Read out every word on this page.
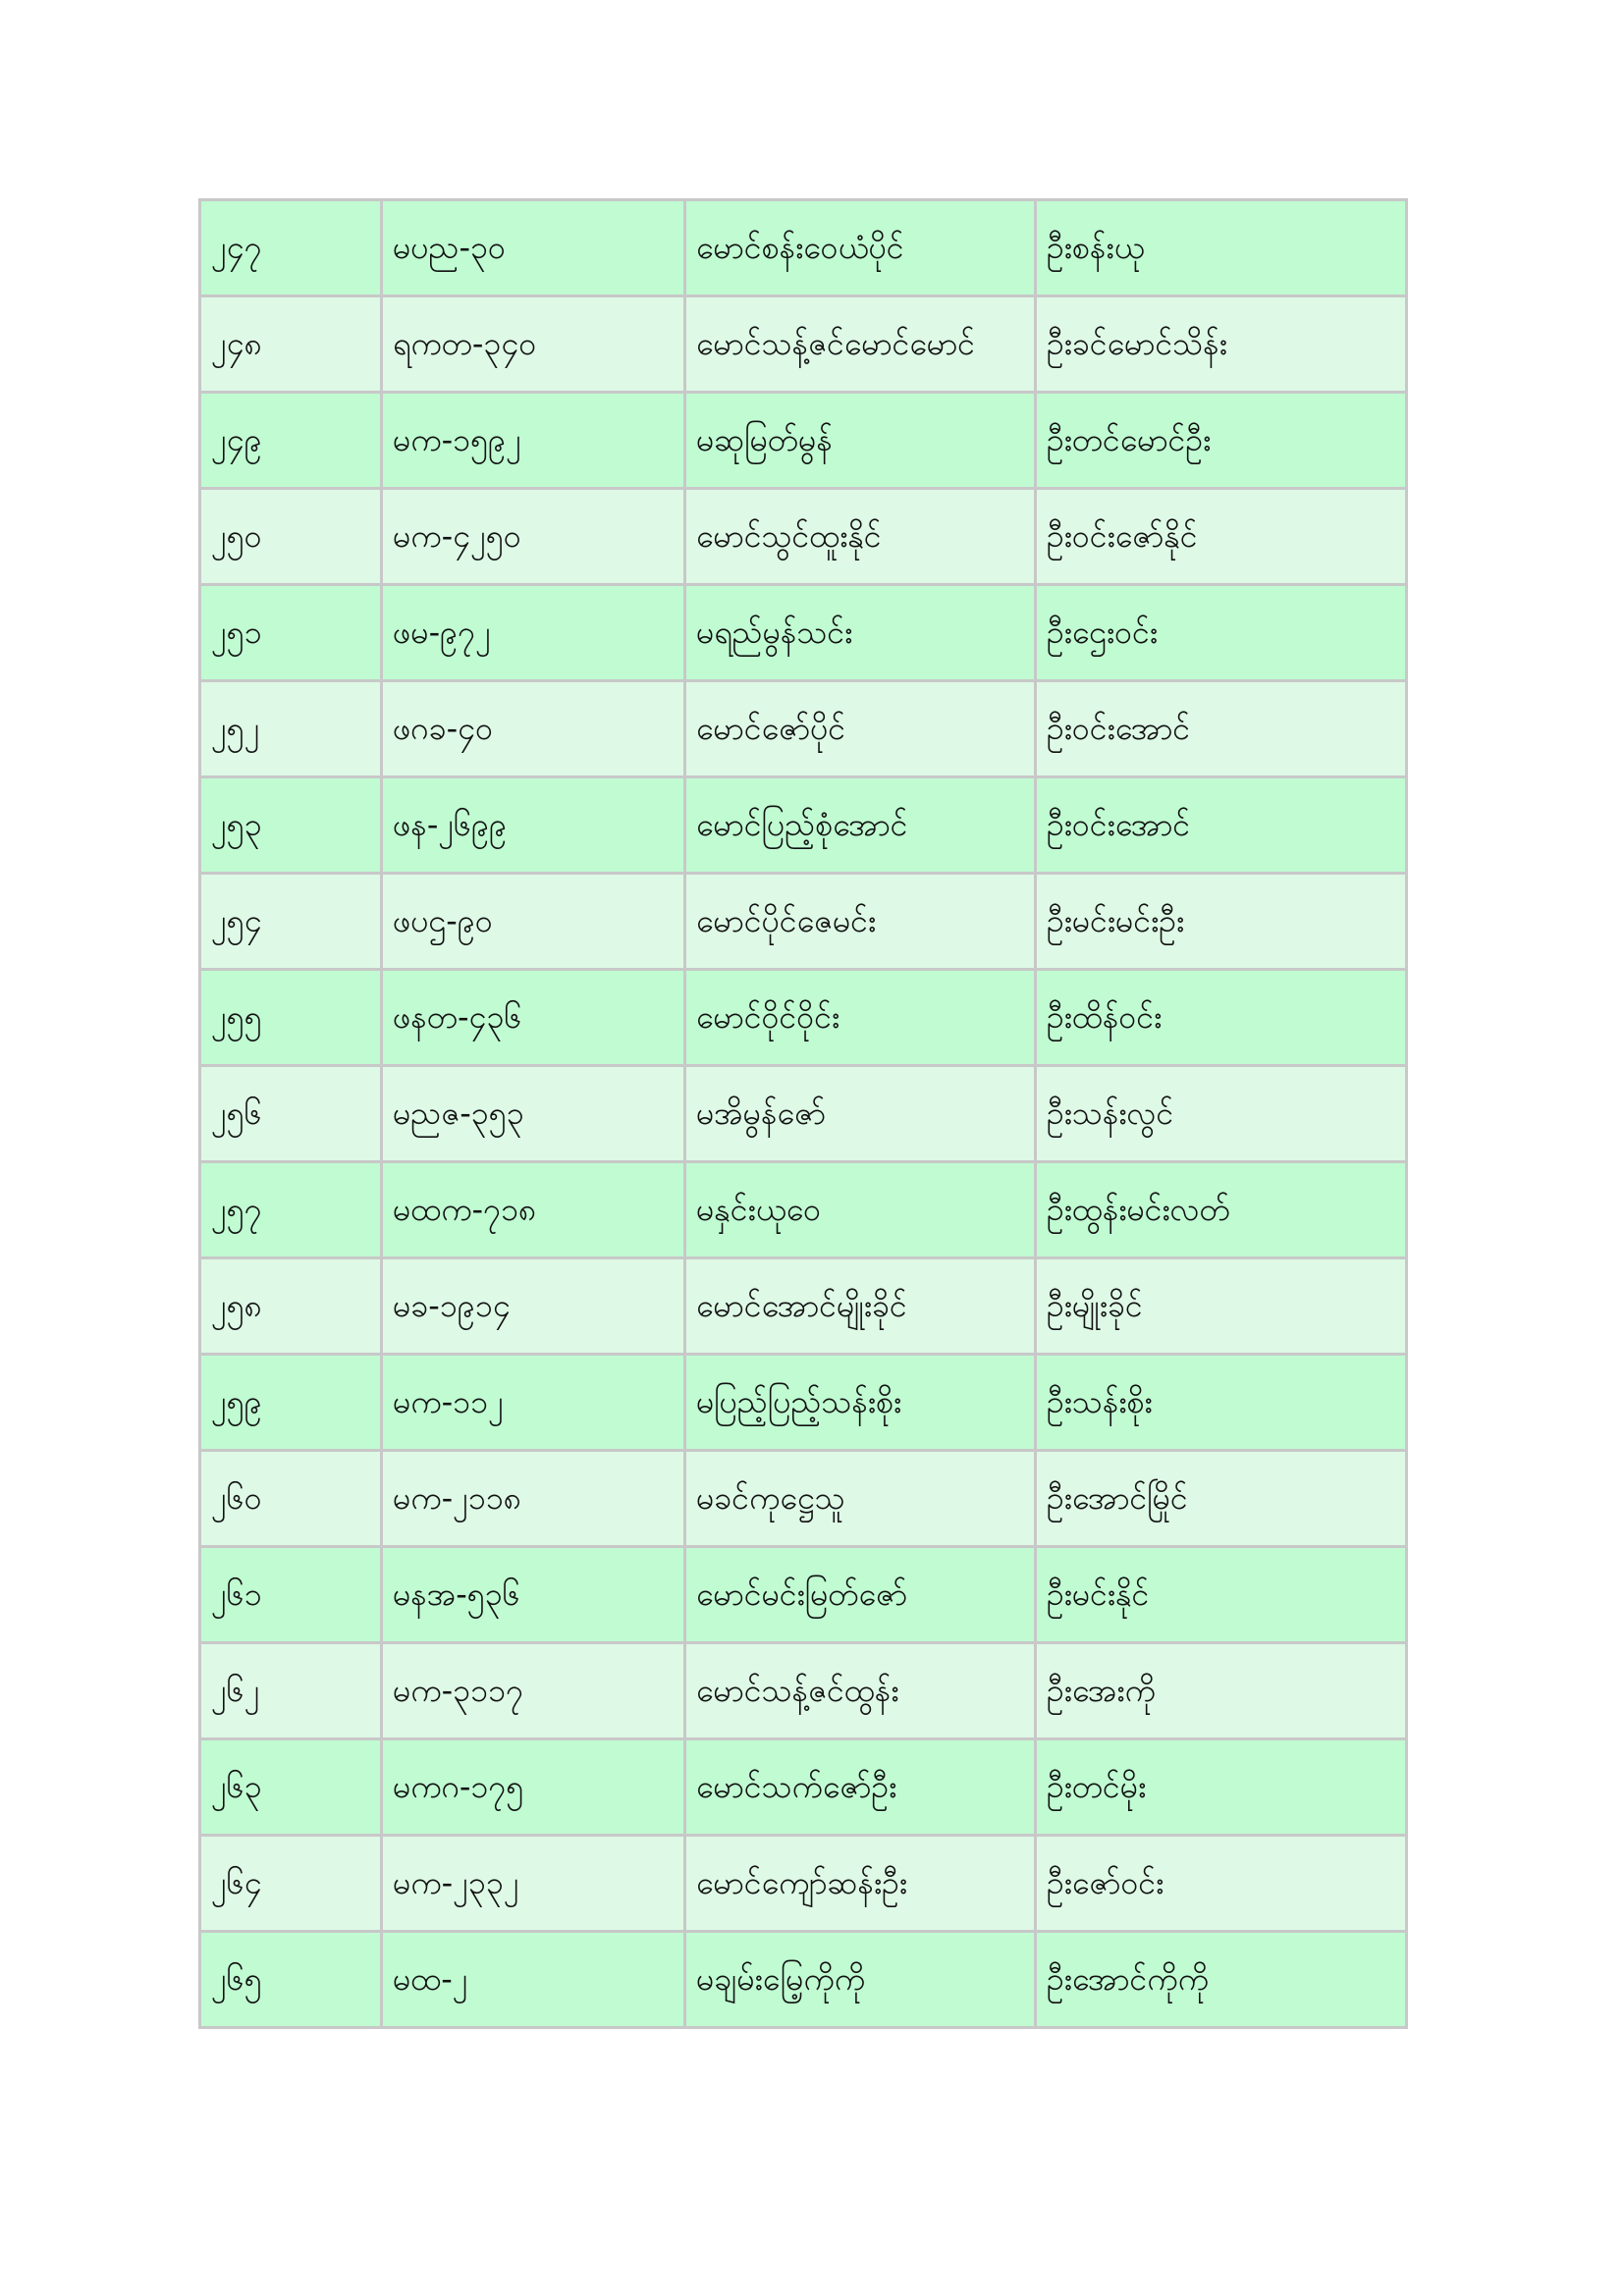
၂၄၇	မပည-၃၀	မောင်စန်းဝေယံပိုင်	ဦးစန်းယု
၂၄၈	ရကတ-၃၄၀	မောင်သန့်ဇင်မောင်မောင်	ဦးခင်မောင်သိန်း
၂၄၉	မက-၁၅၉၂	မဆုမြတ်မွန်	ဦးတင်မောင်ဦး
၂၅၀	မက-၄၂၅၀	မောင်သွင်ထူးနိုင်	ဦးဝင်းဇော်နိုင်
၂၅၁	ဖမ-၉၇၂	မရည်မွန်သင်း	ဦးဌေးဝင်း
၂၅၂	ဖဂခ-၄၀	မောင်ဇော်ပိုင်	ဦးဝင်းအောင်
၂၅၃	ဖန-၂၆၉၉	မောင်ပြည့်စုံအောင်	ဦးဝင်းအောင်
၂၅၄	ဖပဌ-၉၀	မောင်ပိုင်ဇေမင်း	ဦးမင်းမင်းဦး
၂၅၅	ဖနတ-၄၃၆	မောင်ဝိုင်ဝိုင်း	ဦးထိန်ဝင်း
၂၅၆	မညဇ-၃၅၃	မအိမွန်ဇော်	ဦးသန်းလွင်
၂၅၇	မထက-၇၁၈	မနှင်းယုဝေ	ဦးထွန်းမင်းလတ်
၂၅၈	မခ-၁၉၁၄	မောင်အောင်မျိုးခိုင်	ဦးမျိုးခိုင်
၂၅၉	မက-၁၁၂	မပြည့်ပြည့်သန်းစိုး	ဦးသန်းစိုး
၂၆၀	မက-၂၁၁၈	မခင်ကုဋ္ဌေသူ	ဦးအောင်မြိုင်
၂၆၁	မနအ-၅၃၆	မောင်မင်းမြတ်ဇော်	ဦးမင်းနိုင်
၂၆၂	မက-၃၁၁၇	မောင်သန့်ဇင်ထွန်း	ဦးအေးကို
၂၆၃	မကဂ-၁၇၅	မောင်သက်ဇော်ဦး	ဦးတင်မိုး
၂၆၄	မက-၂၃၃၂	မောင်ကျော်ဆန်းဦး	ဦးဇော်ဝင်း
၂၆၅	မထ-၂	မချမ်းမြေ့ကိုကို	ဦးအောင်ကိုကို
